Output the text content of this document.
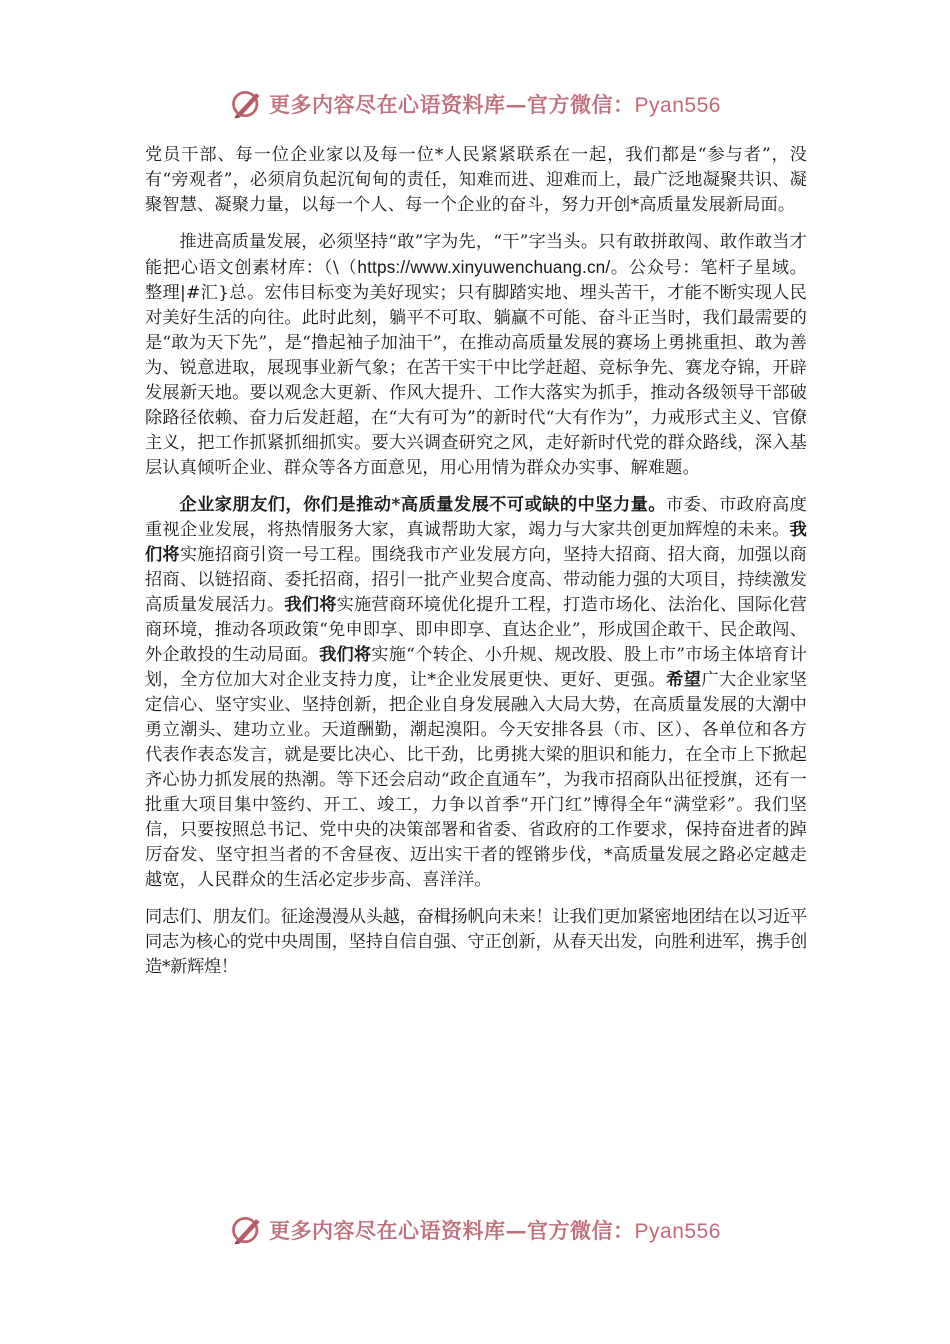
更多内容尽在心语资料库—官方微信：Pyan556

党员干部、每一位企业家以及每一位*人民紧紧联系在一起，我们都是“参与者”，没有“旁观者”，必须肩负起沉甸甸的责任，知难而进、迎难而上，最广泛地凝聚共识、凝聚智慧、凝聚力量，以每一个人、每一个企业的奋斗，努力开创*高质量发展新局面。

推进高质量发展，必须坚持“敢”字为先，“干”字当头。只有敢拼敢闯、敢作敢当才能把心语文创素材库：（\（https://www.xinyuwenchuang.cn/。公众号：笔杆子星域。整理|#汇}总。宏伟目标变为美好现实；只有脚踏实地、埋头苦干，才能不断实现人民对美好生活的向往。此时此刻，躺平不可取、躺赢不可能、奋斗正当时，我们最需要的是“敢为天下先”，是“撸起袖子加油干”，在推动高质量发展的赛场上勇挑重担、敢为善为、锐意进取，展现事业新气象；在苦干实干中比学赶超、竞标争先、赛龙夺锦，开辟发展新天地。要以观念大更新、作风大提升、工作大落实为抓手，推动各级领导干部破除路径依赖、奋力后发赶超，在“大有可为”的新时代“大有作为”，力戒形式主义、官僚主义，把工作抓紧抓细抓实。要大兴调查研究之风，走好新时代党的群众路线，深入基层认真倾听企业、群众等各方面意见，用心用情为群众办实事、解难题。

企业家朋友们，你们是推动*高质量发展不可或缺的中坚力量。市委、市政府高度重视企业发展，将热情服务大家，真诚帮助大家，竭力与大家共创更加辉煌的未来。我们将实施招商引资一号工程。围绕我市产业发展方向，坚持大招商、招大商，加强以商招商、以链招商、委托招商，招引一批产业契合度高、带动能力强的大项目，持续激发高质量发展活力。我们将实施营商环境优化提升工程，打造市场化、法治化、国际化营商环境，推动各项政策“免申即享、即申即享、直达企业”，形成国企敢干、民企敢闯、外企敢投的生动局面。我们将实施“个转企、小升规、规改股、股上市”市场主体培育计划，全方位加大对企业支持力度，让*企业发展更快、更好、更强。希望广大企业家坚定信心、坚守实业、坚持创新，把企业自身发展融入大局大势，在高质量发展的大潮中勇立潮头、建功立业。天道酬勤，潮起溴阳。今天安排各县（市、区）、各单位和各方代表作表态发言，就是要比决心、比干劲，比勇挑大梁的胆识和能力，在全市上下掀起齐心协力抓发展的热潮。等下还会启动“政企直通车”，为我市招商队出征授旗，还有一批重大项目集中签约、开工、竣工，力争以首季“开门红”博得全年“满堂彩”。我们坚信，只要按照总书记、党中央的决策部署和省委、省政府的工作要求，保持奋进者的踔厉奋发、坚守担当者的不舍昼夜、迈出实干者的铿锵步伐，*高质量发展之路必定越走越宽，人民群众的生活必定步步高、喜洋洋。

同志们、朋友们。征途漫漫从头越，奋楫扬帆向未来！让我们更加紧密地团结在以习近平同志为核心的党中央周围，坚持自信自强、守正创新，从春天出发，向胜利进军，携手创造*新辉煌！

更多内容尽在心语资料库—官方微信：Pyan556
